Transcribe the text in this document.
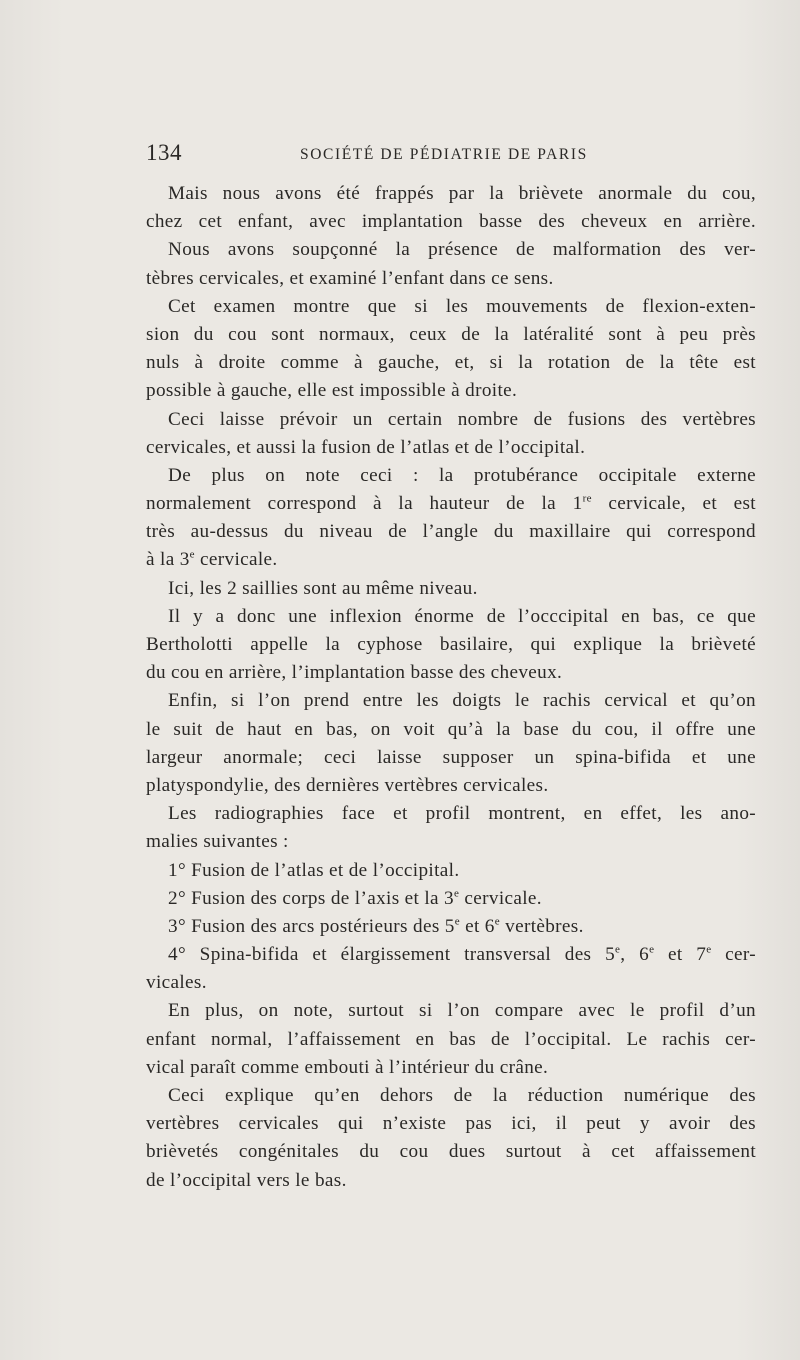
134	SOCIÉTÉ DE PÉDIATRIE DE PARIS
Mais nous avons été frappés par la brièvete anormale du cou,
chez cet enfant, avec implantation basse des cheveux en arrière.
Nous avons soupçonné la présence de malformation des ver-
tèbres cervicales, et examiné l’enfant dans ce sens.
Cet examen montre que si les mouvements de flexion-exten-
sion du cou sont normaux, ceux de la latéralité sont à peu près
nuls à droite comme à gauche, et, si la rotation de la tête est
possible à gauche, elle est impossible à droite.
Ceci laisse prévoir un certain nombre de fusions des vertèbres
cervicales, et aussi la fusion de l’atlas et de l’occipital.
De plus on note ceci : la protubérance occipitale externe
normalement correspond à la hauteur de la 1re cervicale, et est
très au-dessus du niveau de l’angle du maxillaire qui correspond
à la 3e cervicale.
Ici, les 2 saillies sont au même niveau.
Il y a donc une inflexion énorme de l’occcipital en bas, ce que
Bertholotti appelle la cyphose basilaire, qui explique la brièveté
du cou en arrière, l’implantation basse des cheveux.
Enfin, si l’on prend entre les doigts le rachis cervical et qu’on
le suit de haut en bas, on voit qu’à la base du cou, il offre une
largeur anormale; ceci laisse supposer un spina-bifida et une
platyspondylie, des dernières vertèbres cervicales.
Les radiographies face et profil montrent, en effet, les ano-
malies suivantes :
1° Fusion de l’atlas et de l’occipital.
2° Fusion des corps de l’axis et la 3e cervicale.
3° Fusion des arcs postérieurs des 5e et 6e vertèbres.
4° Spina-bifida et élargissement transversal des 5e, 6e et 7e cer-
vicales.
En plus, on note, surtout si l’on compare avec le profil d’un
enfant normal, l’affaissement en bas de l’occipital. Le rachis cer-
vical paraît comme embouti à l’intérieur du crâne.
Ceci explique qu’en dehors de la réduction numérique des
vertèbres cervicales qui n’existe pas ici, il peut y avoir des
brièvetés congénitales du cou dues surtout à cet affaissement
de l’occipital vers le bas.
